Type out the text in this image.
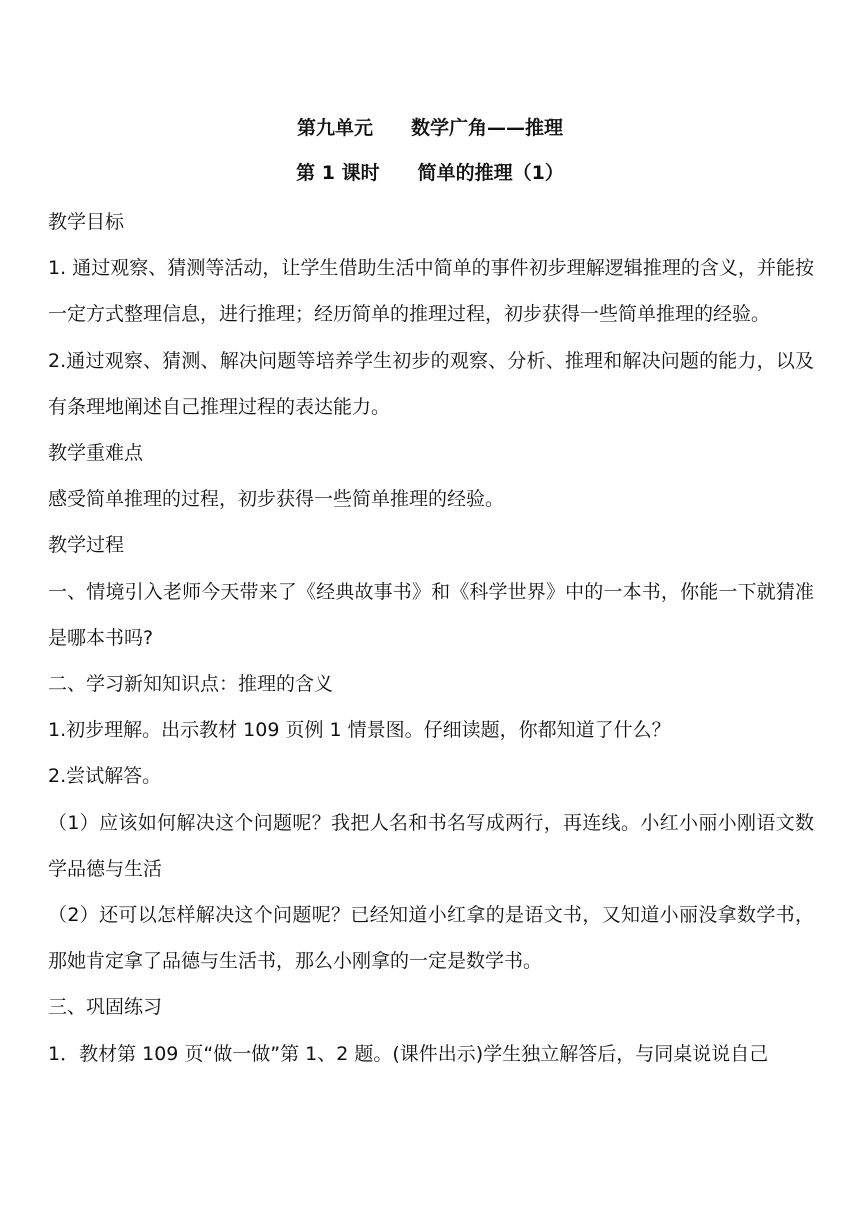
第九单元　　数学广角——推理
第 1 课时　　简单的推理（1）

教学目标

1. 通过观察、猜测等活动，让学生借助生活中简单的事件初步理解逻辑推理的含义，并能按一定方式整理信息，进行推理；经历简单的推理过程，初步获得一些简单推理的经验。

2.通过观察、猜测、解决问题等培养学生初步的观察、分析、推理和解决问题的能力，以及有条理地阐述自己推理过程的表达能力。

教学重难点

感受简单推理的过程，初步获得一些简单推理的经验。

教学过程

一、情境引入老师今天带来了《经典故事书》和《科学世界》中的一本书，你能一下就猜准是哪本书吗?

二、学习新知知识点：推理的含义

1.初步理解。出示教材 109 页例 1 情景图。仔细读题，你都知道了什么？

2.尝试解答。

（1）应该如何解决这个问题呢？我把人名和书名写成两行，再连线。小红小丽小刚语文数学品德与生活

（2）还可以怎样解决这个问题呢？已经知道小红拿的是语文书，又知道小丽没拿数学书，那她肯定拿了品德与生活书，那么小刚拿的一定是数学书。

三、巩固练习

1．教材第 109 页“做一做”第 1、2 题。(课件出示)学生独立解答后，与同桌说说自己
